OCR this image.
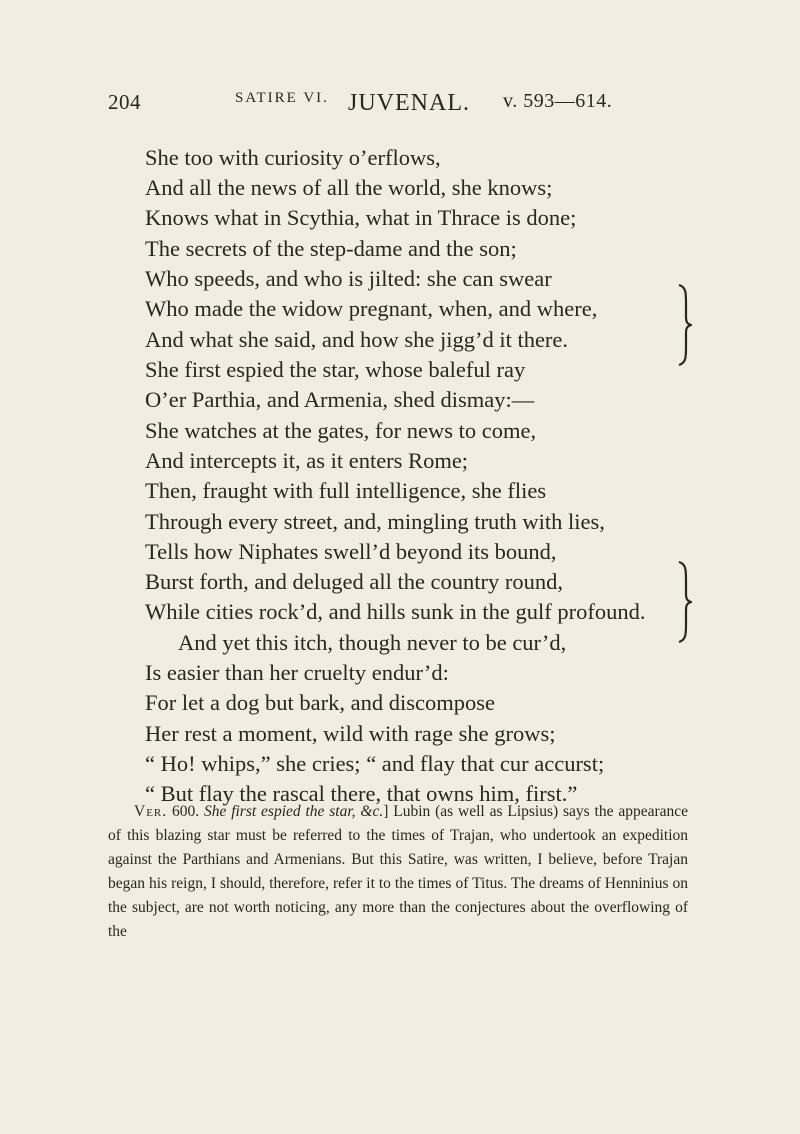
204	SATIRE VI. JUVENAL. v. 593—614.
She too with curiosity o’erflows,
And all the news of all the world, she knows;
Knows what in Scythia, what in Thrace is done;
The secrets of the step-dame and the son;
Who speeds, and who is jilted: she can swear
Who made the widow pregnant, when, and where,
And what she said, and how she jigg’d it there.
She first espied the star, whose baleful ray
O’er Parthia, and Armenia, shed dismay:—
She watches at the gates, for news to come,
And intercepts it, as it enters Rome;
Then, fraught with full intelligence, she flies
Through every street, and, mingling truth with lies,
Tells how Niphates swell’d beyond its bound,
Burst forth, and deluged all the country round,
While cities rock’d, and hills sunk in the gulf profound.
And yet this itch, though never to be cur’d,
Is easier than her cruelty endur’d:
For let a dog but bark, and discompose
Her rest a moment, wild with rage she grows;
“ Ho! whips,” she cries; “ and flay that cur accurst;
“ But flay the rascal there, that owns him, first.”

Ver. 600. She first espied the star, &c.] Lubin (as well as Lipsius) says the appearance of this blazing star must be referred to the times of Trajan, who undertook an expedition against the Parthians and Armenians. But this Satire, was written, I believe, before Trajan began his reign, I should, therefore, refer it to the times of Titus. The dreams of Henninius on the subject, are not worth noticing, any more than the conjectures about the overflowing of the
